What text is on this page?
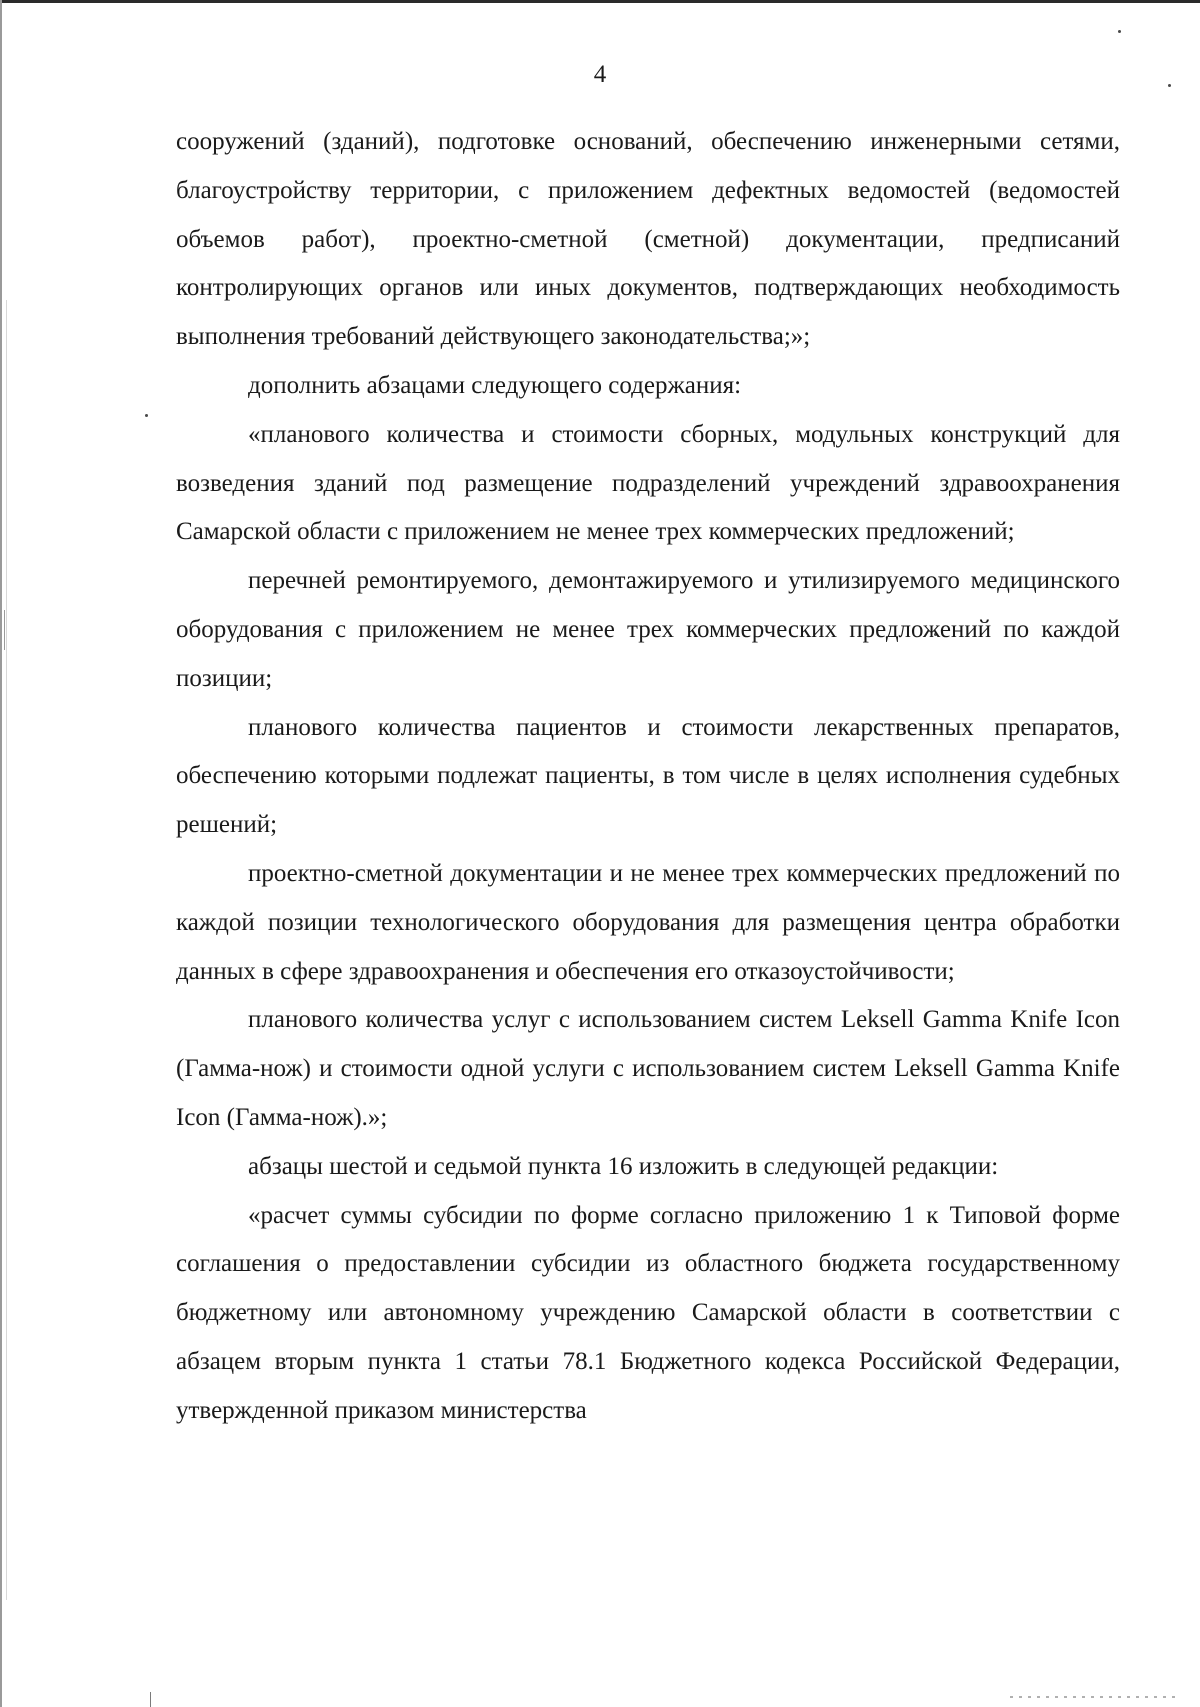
4

сооружений (зданий), подготовке оснований, обеспечению инженерными сетями, благоустройству территории, с приложением дефектных ведомостей (ведомостей объемов работ), проектно-сметной (сметной) документации, предписаний контролирующих органов или иных документов, подтверждающих необходимость выполнения требований действующего законодательства;»;

дополнить абзацами следующего содержания:

«планового количества и стоимости сборных, модульных конструкций для возведения зданий под размещение подразделений учреждений здравоохранения Самарской области с приложением не менее трех коммерческих предложений;

перечней ремонтируемого, демонтажируемого и утилизируемого медицинского оборудования с приложением не менее трех коммерческих предложений по каждой позиции;

планового количества пациентов и стоимости лекарственных препаратов, обеспечению которыми подлежат пациенты, в том числе в целях исполнения судебных решений;

проектно-сметной документации и не менее трех коммерческих предложений по каждой позиции технологического оборудования для размещения центра обработки данных в сфере здравоохранения и обеспечения его отказоустойчивости;

планового количества услуг с использованием систем Leksell Gamma Knife Icon (Гамма-нож) и стоимости одной услуги с использованием систем Leksell Gamma Knife Icon (Гамма-нож).»;

абзацы шестой и седьмой пункта 16 изложить в следующей редакции:

«расчет суммы субсидии по форме согласно приложению 1 к Типовой форме соглашения о предоставлении субсидии из областного бюджета государственному бюджетному или автономному учреждению Самарской области в соответствии с абзацем вторым пункта 1 статьи 78.1 Бюджетного кодекса Российской Федерации, утвержденной приказом министерства
